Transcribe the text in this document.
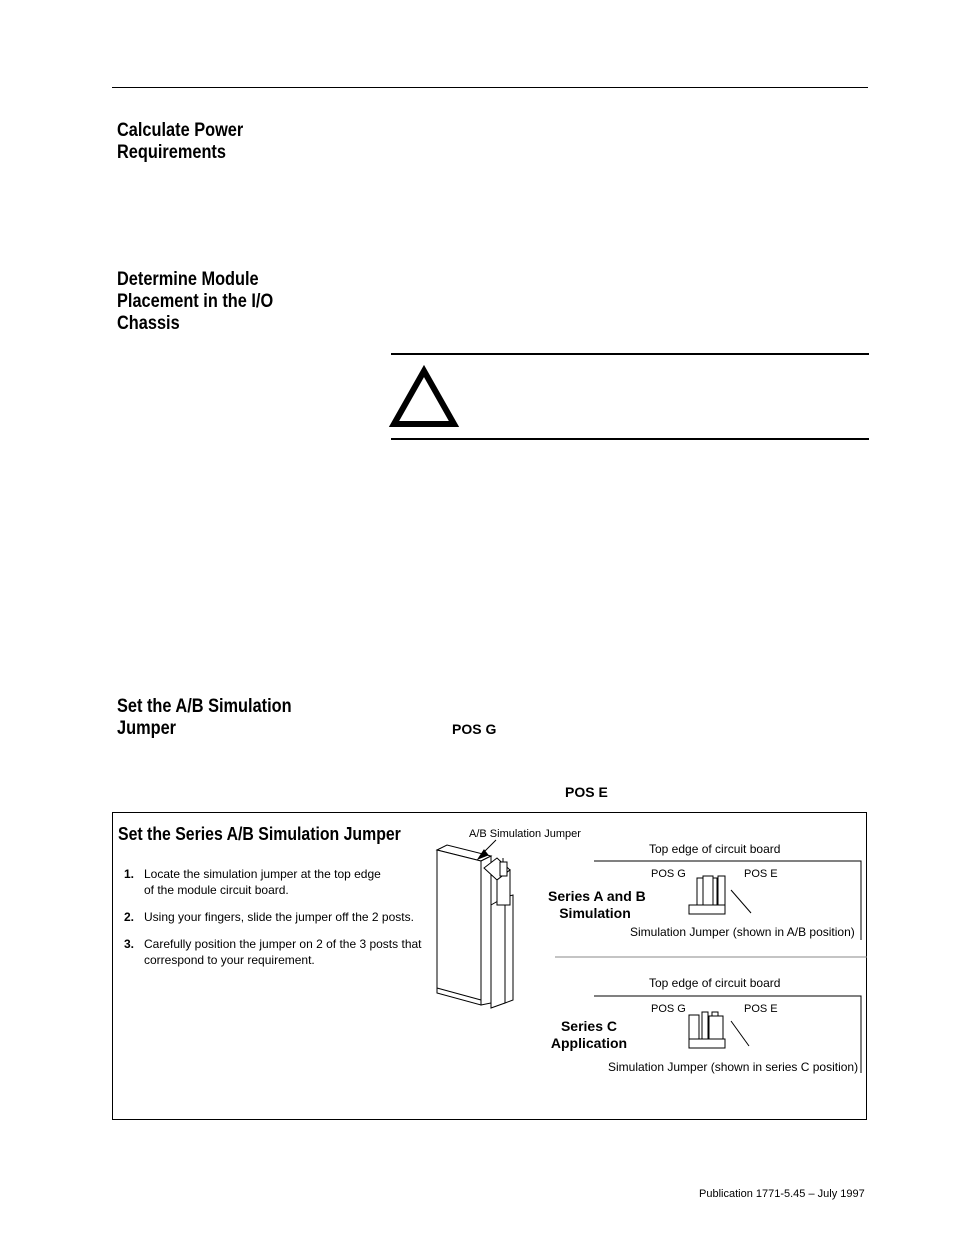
Calculate Power
Requirements
Determine Module
Placement in the I/O
Chassis
Set the A/B Simulation
Jumper	POS G
POS E
Set the Series A/B Simulation Jumper
1. Locate the simulation jumper at the top edge
of the module circuit board.
2. Using your fingers, slide the jumper off the 2 posts.
3. Carefully position the jumper on 2 of the 3 posts that
correspond to your requirement.
A/B Simulation Jumper
Top edge of circuit board
POS G	POS E
Series A and B
Simulation
Simulation Jumper (shown in A/B position)
Top edge of circuit board
POS G	POS E
Series C
Application
Simulation Jumper (shown in series C position)
Publication 1771-5.45 – July 1997
